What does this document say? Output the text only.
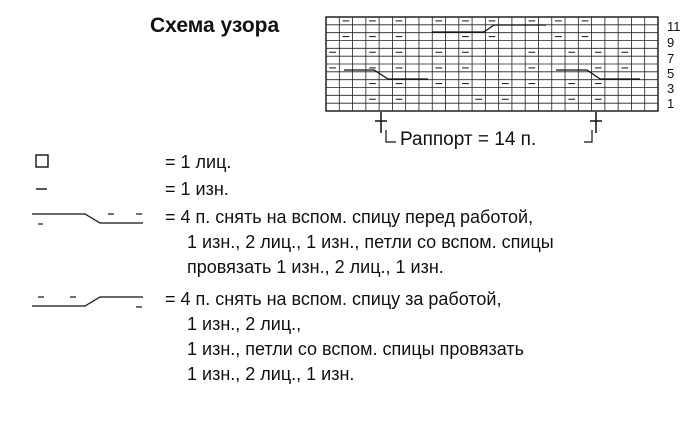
Схема узора	11
9
7
5
3
1
Раппорт = 14 п.
= 1 лиц.
= 1 изн.
= 4 п. снять на вспом. спицу перед работой,
1 изн., 2 лиц., 1 изн., петли со вспом. спицы
провязать 1 изн., 2 лиц., 1 изн.
= 4 п. снять на вспом. спицу за работой,
1 изн., 2 лиц.,
1 изн., петли со вспом. спицы провязать
1 изн., 2 лиц., 1 изн.
